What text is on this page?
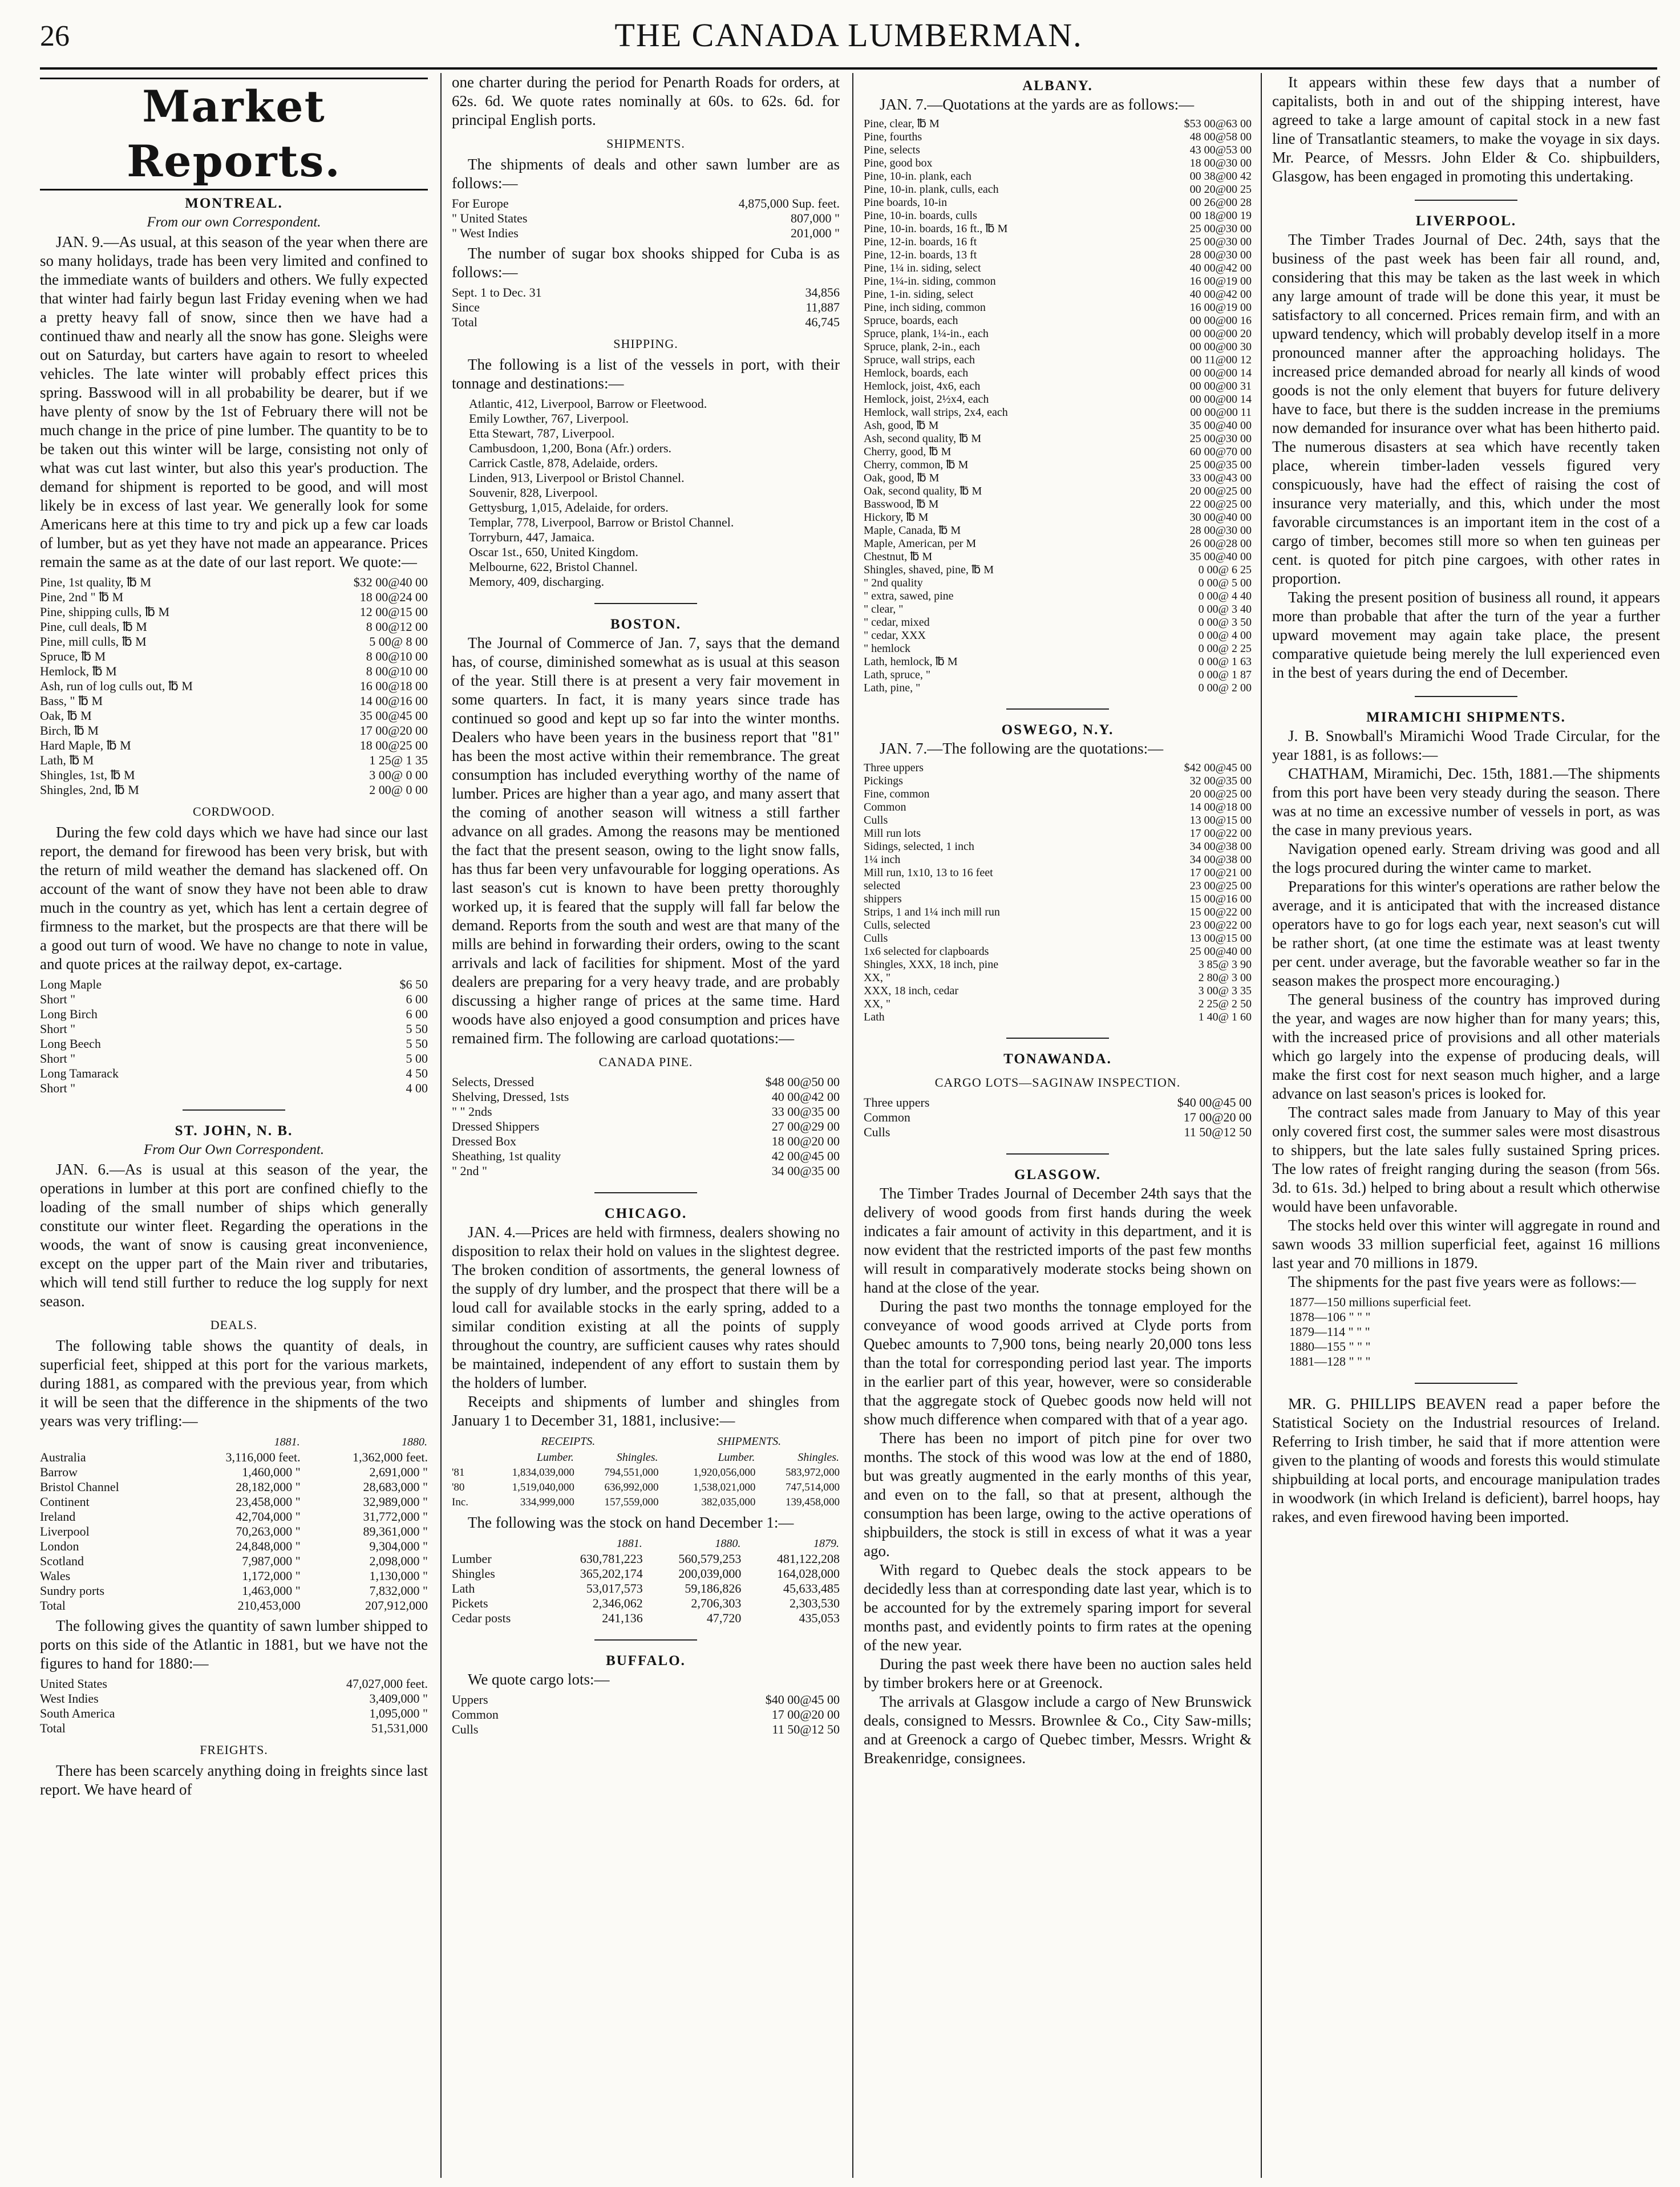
26	THE CANADA LUMBERMAN.
Market Reports.
MONTREAL.
From our own Correspondent.

JAN. 9.—As usual, at this season of the year when there are so many holidays, trade has been very limited and confined to the immediate wants of builders and others. We fully expected that winter had fairly begun last Friday evening when we had a pretty heavy fall of snow, since then we have had a continued thaw and nearly all the snow has gone. Sleighs were out on Saturday, but carters have again to resort to wheeled vehicles. The late winter will probably effect prices this spring. Basswood will in all probability be dearer, but if we have plenty of snow by the 1st of February there will not be much change in the price of pine lumber. The quantity to be to be taken out this winter will be large, consisting not only of what was cut last winter, but also this year's production. The demand for shipment is reported to be good, and will most likely be in excess of last year. We generally look for some Americans here at this time to try and pick up a few car loads of lumber, but as yet they have not made an appearance. Prices remain the same as at the date of our last report. We quote:—

Pine, 1st quality, ℔ M	$32 00@40 00
Pine, 2nd " ℔ M	18 00@24 00
Pine, shipping culls, ℔ M	12 00@15 00
Pine, cull deals, ℔ M	8 00@12 00
Pine, mill culls, ℔ M	5 00@ 8 00
Spruce, ℔ M	8 00@10 00
Hemlock, ℔ M	8 00@10 00
Ash, run of log culls out, ℔ M	16 00@18 00
Bass, " ℔ M	14 00@16 00
Oak, ℔ M	35 00@45 00
Birch, ℔ M	17 00@20 00
Hard Maple, ℔ M	18 00@25 00
Lath, ℔ M	1 25@ 1 35
Shingles, 1st, ℔ M	3 00@ 0 00
Shingles, 2nd, ℔ M	2 00@ 0 00
CORDWOOD.

During the few cold days which we have had since our last report, the demand for firewood has been very brisk, but with the return of mild weather the demand has slackened off. On account of the want of snow they have not been able to draw much in the country as yet, which has lent a certain degree of firmness to the market, but the prospects are that there will be a good out turn of wood. We have no change to note in value, and quote prices at the railway depot, ex-cartage.

Long Maple	$6 50
Short "	6 00
Long Birch	6 00
Short "	5 50
Long Beech	5 50
Short "	5 00
Long Tamarack	4 50
Short "	4 00
ST. JOHN, N. B.
From Our Own Correspondent.

JAN. 6.—As is usual at this season of the year, the operations in lumber at this port are confined chiefly to the loading of the small number of ships which generally constitute our winter fleet. Regarding the operations in the woods, the want of snow is causing great inconvenience, except on the upper part of the Main river and tributaries, which will tend still further to reduce the log supply for next season.

DEALS.

The following table shows the quantity of deals, in superficial feet, shipped at this port for the various markets, during 1881, as compared with the previous year, from which it will be seen that the difference in the shipments of the two years was very trifling:—

	1881.	1880.
Australia	3,116,000 feet.	1,362,000 feet.
Barrow	1,460,000 "	2,691,000 "
Bristol Channel	28,182,000 "	28,683,000 "
Continent	23,458,000 "	32,989,000 "
Ireland	42,704,000 "	31,772,000 "
Liverpool	70,263,000 "	89,361,000 "
London	24,848,000 "	9,304,000 "
Scotland	7,987,000 "	2,098,000 "
Wales	1,172,000 "	1,130,000 "
Sundry ports	1,463,000 "	7,832,000 "
Total	210,453,000	207,912,000

The following gives the quantity of sawn lumber shipped to ports on this side of the Atlantic in 1881, but we have not the figures to hand for 1880:—

United States	47,027,000 feet.
West Indies	3,409,000 "
South America	1,095,000 "
Total	51,531,000
FREIGHTS.

There has been scarcely anything doing in freights since last report. We have heard of

one charter during the period for Penarth Roads for orders, at 62s. 6d. We quote rates nominally at 60s. to 62s. 6d. for principal English ports.

SHIPMENTS.

The shipments of deals and other sawn lumber are as follows:—

For Europe	4,875,000 Sup. feet.
" United States	807,000 "
" West Indies	201,000 "

The number of sugar box shooks shipped for Cuba is as follows:—

Sept. 1 to Dec. 31	34,856
Since	11,887
Total	46,745
SHIPPING.

The following is a list of the vessels in port, with their tonnage and destinations:—

Atlantic, 412, Liverpool, Barrow or Fleetwood.
Emily Lowther, 767, Liverpool.
Etta Stewart, 787, Liverpool.
Cambusdoon, 1,200, Bona (Afr.) orders.
Carrick Castle, 878, Adelaide, orders.
Linden, 913, Liverpool or Bristol Channel.
Souvenir, 828, Liverpool.
Gettysburg, 1,015, Adelaide, for orders.
Templar, 778, Liverpool, Barrow or Bristol Channel.
Torryburn, 447, Jamaica.
Oscar 1st., 650, United Kingdom.
Melbourne, 622, Bristol Channel.
Memory, 409, discharging.
BOSTON.

The Journal of Commerce of Jan. 7, says that the demand has, of course, diminished somewhat as is usual at this season of the year. Still there is at present a very fair movement in some quarters. In fact, it is many years since trade has continued so good and kept up so far into the winter months. Dealers who have been years in the business report that "81" has been the most active within their remembrance. The great consumption has included everything worthy of the name of lumber. Prices are higher than a year ago, and many assert that the coming of another season will witness a still farther advance on all grades. Among the reasons may be mentioned the fact that the present season, owing to the light snow falls, has thus far been very unfavourable for logging operations. As last season's cut is known to have been pretty thoroughly worked up, it is feared that the supply will fall far below the demand. Reports from the south and west are that many of the mills are behind in forwarding their orders, owing to the scant arrivals and lack of facilities for shipment. Most of the yard dealers are preparing for a very heavy trade, and are probably discussing a higher range of prices at the same time. Hard woods have also enjoyed a good consumption and prices have remained firm. The following are carload quotations:—

CANADA PINE.
Selects, Dressed	$48 00@50 00
Shelving, Dressed, 1sts	40 00@42 00
" " 2nds	33 00@35 00
Dressed Shippers	27 00@29 00
Dressed Box	18 00@20 00
Sheathing, 1st quality	42 00@45 00
" 2nd "	34 00@35 00
CHICAGO.

JAN. 4.—Prices are held with firmness, dealers showing no disposition to relax their hold on values in the slightest degree. The broken condition of assortments, the general lowness of the supply of dry lumber, and the prospect that there will be a loud call for available stocks in the early spring, added to a similar condition existing at all the points of supply throughout the country, are sufficient causes why rates should be maintained, independent of any effort to sustain them by the holders of lumber.

Receipts and shipments of lumber and shingles from January 1 to December 31, 1881, inclusive:—

	RECEIPTS.		SHIPMENTS.	
	Lumber.	Shingles.	Lumber.	Shingles.
'81	1,834,039,000	794,551,000	1,920,056,000	583,972,000
'80	1,519,040,000	636,992,000	1,538,021,000	747,514,000
Inc.	334,999,000	157,559,000	382,035,000	139,458,000

The following was the stock on hand December 1:—

	1881.	1880.	1879.
Lumber	630,781,223	560,579,253	481,122,208
Shingles	365,202,174	200,039,000	164,028,000
Lath	53,017,573	59,186,826	45,633,485
Pickets	2,346,062	2,706,303	2,303,530
Cedar posts	241,136	47,720	435,053
BUFFALO.

We quote cargo lots:—

Uppers	$40 00@45 00
Common	17 00@20 00
Culls	11 50@12 50
ALBANY.

JAN. 7.—Quotations at the yards are as follows:—

Pine, clear, ℔ M	$53 00@63 00
Pine, fourths	48 00@58 00
Pine, selects	43 00@53 00
Pine, good box	18 00@30 00
Pine, 10-in. plank, each	00 38@00 42
Pine, 10-in. plank, culls, each	00 20@00 25
Pine boards, 10-in	00 26@00 28
Pine, 10-in. boards, culls	00 18@00 19
Pine, 10-in. boards, 16 ft., ℔ M	25 00@30 00
Pine, 12-in. boards, 16 ft	25 00@30 00
Pine, 12-in. boards, 13 ft	28 00@30 00
Pine, 1¼ in. siding, select	40 00@42 00
Pine, 1¼-in. siding, common	16 00@19 00
Pine, 1-in. siding, select	40 00@42 00
Pine, inch siding, common	16 00@19 00
Spruce, boards, each	00 00@00 16
Spruce, plank, 1¼-in., each	00 00@00 20
Spruce, plank, 2-in., each	00 00@00 30
Spruce, wall strips, each	00 11@00 12
Hemlock, boards, each	00 00@00 14
Hemlock, joist, 4x6, each	00 00@00 31
Hemlock, joist, 2½x4, each	00 00@00 14
Hemlock, wall strips, 2x4, each	00 00@00 11
Ash, good, ℔ M	35 00@40 00
Ash, second quality, ℔ M	25 00@30 00
Cherry, good, ℔ M	60 00@70 00
Cherry, common, ℔ M	25 00@35 00
Oak, good, ℔ M	33 00@43 00
Oak, second quality, ℔ M	20 00@25 00
Basswood, ℔ M	22 00@25 00
Hickory, ℔ M	30 00@40 00
Maple, Canada, ℔ M	28 00@30 00
Maple, American, per M	26 00@28 00
Chestnut, ℔ M	35 00@40 00
Shingles, shaved, pine, ℔ M	0 00@ 6 25
" 2nd quality	0 00@ 5 00
" extra, sawed, pine	0 00@ 4 40
" clear, "	0 00@ 3 40
" cedar, mixed	0 00@ 3 50
" cedar, XXX	0 00@ 4 00
" hemlock	0 00@ 2 25
Lath, hemlock, ℔ M	0 00@ 1 63
Lath, spruce, "	0 00@ 1 87
Lath, pine, "	0 00@ 2 00
OSWEGO, N.Y.

JAN. 7.—The following are the quotations:—

Three uppers	$42 00@45 00
Pickings	32 00@35 00
Fine, common	20 00@25 00
Common	14 00@18 00
Culls	13 00@15 00
Mill run lots	17 00@22 00
Sidings, selected, 1 inch	34 00@38 00
1¼ inch	34 00@38 00
Mill run, 1x10, 13 to 16 feet	17 00@21 00
selected	23 00@25 00
shippers	15 00@16 00
Strips, 1 and 1¼ inch mill run	15 00@22 00
Culls, selected	23 00@22 00
Culls	13 00@15 00
1x6 selected for clapboards	25 00@40 00
Shingles, XXX, 18 inch, pine	3 85@ 3 90
XX, "	2 80@ 3 00
XXX, 18 inch, cedar	3 00@ 3 35
XX, "	2 25@ 2 50
Lath	1 40@ 1 60
TONAWANDA.
CARGO LOTS—SAGINAW INSPECTION.
Three uppers	$40 00@45 00
Common	17 00@20 00
Culls	11 50@12 50
GLASGOW.

The Timber Trades Journal of December 24th says that the delivery of wood goods from first hands during the week indicates a fair amount of activity in this department, and it is now evident that the restricted imports of the past few months will result in comparatively moderate stocks being shown on hand at the close of the year.

During the past two months the tonnage employed for the conveyance of wood goods arrived at Clyde ports from Quebec amounts to 7,900 tons, being nearly 20,000 tons less than the total for corresponding period last year. The imports in the earlier part of this year, however, were so considerable that the aggregate stock of Quebec goods now held will not show much difference when compared with that of a year ago.

There has been no import of pitch pine for over two months. The stock of this wood was low at the end of 1880, but was greatly augmented in the early months of this year, and even on to the fall, so that at present, although the consumption has been large, owing to the active operations of shipbuilders, the stock is still in excess of what it was a year ago.

With regard to Quebec deals the stock appears to be decidedly less than at corresponding date last year, which is to be accounted for by the extremely sparing import for several months past, and evidently points to firm rates at the opening of the new year.

During the past week there have been no auction sales held by timber brokers here or at Greenock.

The arrivals at Glasgow include a cargo of New Brunswick deals, consigned to Messrs. Brownlee & Co., City Saw-mills; and at Greenock a cargo of Quebec timber, Messrs. Wright & Breakenridge, consignees.

It appears within these few days that a number of capitalists, both in and out of the shipping interest, have agreed to take a large amount of capital stock in a new fast line of Transatlantic steamers, to make the voyage in six days. Mr. Pearce, of Messrs. John Elder & Co. shipbuilders, Glasgow, has been engaged in promoting this undertaking.

LIVERPOOL.

The Timber Trades Journal of Dec. 24th, says that the business of the past week has been fair all round, and, considering that this may be taken as the last week in which any large amount of trade will be done this year, it must be satisfactory to all concerned. Prices remain firm, and with an upward tendency, which will probably develop itself in a more pronounced manner after the approaching holidays. The increased price demanded abroad for nearly all kinds of wood goods is not the only element that buyers for future delivery have to face, but there is the sudden increase in the premiums now demanded for insurance over what has been hitherto paid. The numerous disasters at sea which have recently taken place, wherein timber-laden vessels figured very conspicuously, have had the effect of raising the cost of insurance very materially, and this, which under the most favorable circumstances is an important item in the cost of a cargo of timber, becomes still more so when ten guineas per cent. is quoted for pitch pine cargoes, with other rates in proportion.

Taking the present position of business all round, it appears more than probable that after the turn of the year a further upward movement may again take place, the present comparative quietude being merely the lull experienced even in the best of years during the end of December.

MIRAMICHI SHIPMENTS.

J. B. Snowball's Miramichi Wood Trade Circular, for the year 1881, is as follows:—

CHATHAM, Miramichi, Dec. 15th, 1881.—The shipments from this port have been very steady during the season. There was at no time an excessive number of vessels in port, as was the case in many previous years.

Navigation opened early. Stream driving was good and all the logs procured during the winter came to market.

Preparations for this winter's operations are rather below the average, and it is anticipated that with the increased distance operators have to go for logs each year, next season's cut will be rather short, (at one time the estimate was at least twenty per cent. under average, but the favorable weather so far in the season makes the prospect more encouraging.)

The general business of the country has improved during the year, and wages are now higher than for many years; this, with the increased price of provisions and all other materials which go largely into the expense of producing deals, will make the first cost for next season much higher, and a large advance on last season's prices is looked for.

The contract sales made from January to May of this year only covered first cost, the summer sales were most disastrous to shippers, but the late sales fully sustained Spring prices. The low rates of freight ranging during the season (from 56s. 3d. to 61s. 3d.) helped to bring about a result which otherwise would have been unfavorable.

The stocks held over this winter will aggregate in round and sawn woods 33 million superficial feet, against 16 millions last year and 70 millions in 1879.

The shipments for the past five years were as follows:—

1877—150 millions superficial feet.
1878—106 " " "
1879—114 " " "
1880—155 " " "
1881—128 " " "

MR. G. PHILLIPS BEAVEN read a paper before the Statistical Society on the Industrial resources of Ireland. Referring to Irish timber, he said that if more attention were given to the planting of woods and forests this would stimulate shipbuilding at local ports, and encourage manipulation trades in woodwork (in which Ireland is deficient), barrel hoops, hay rakes, and even firewood having been imported.
